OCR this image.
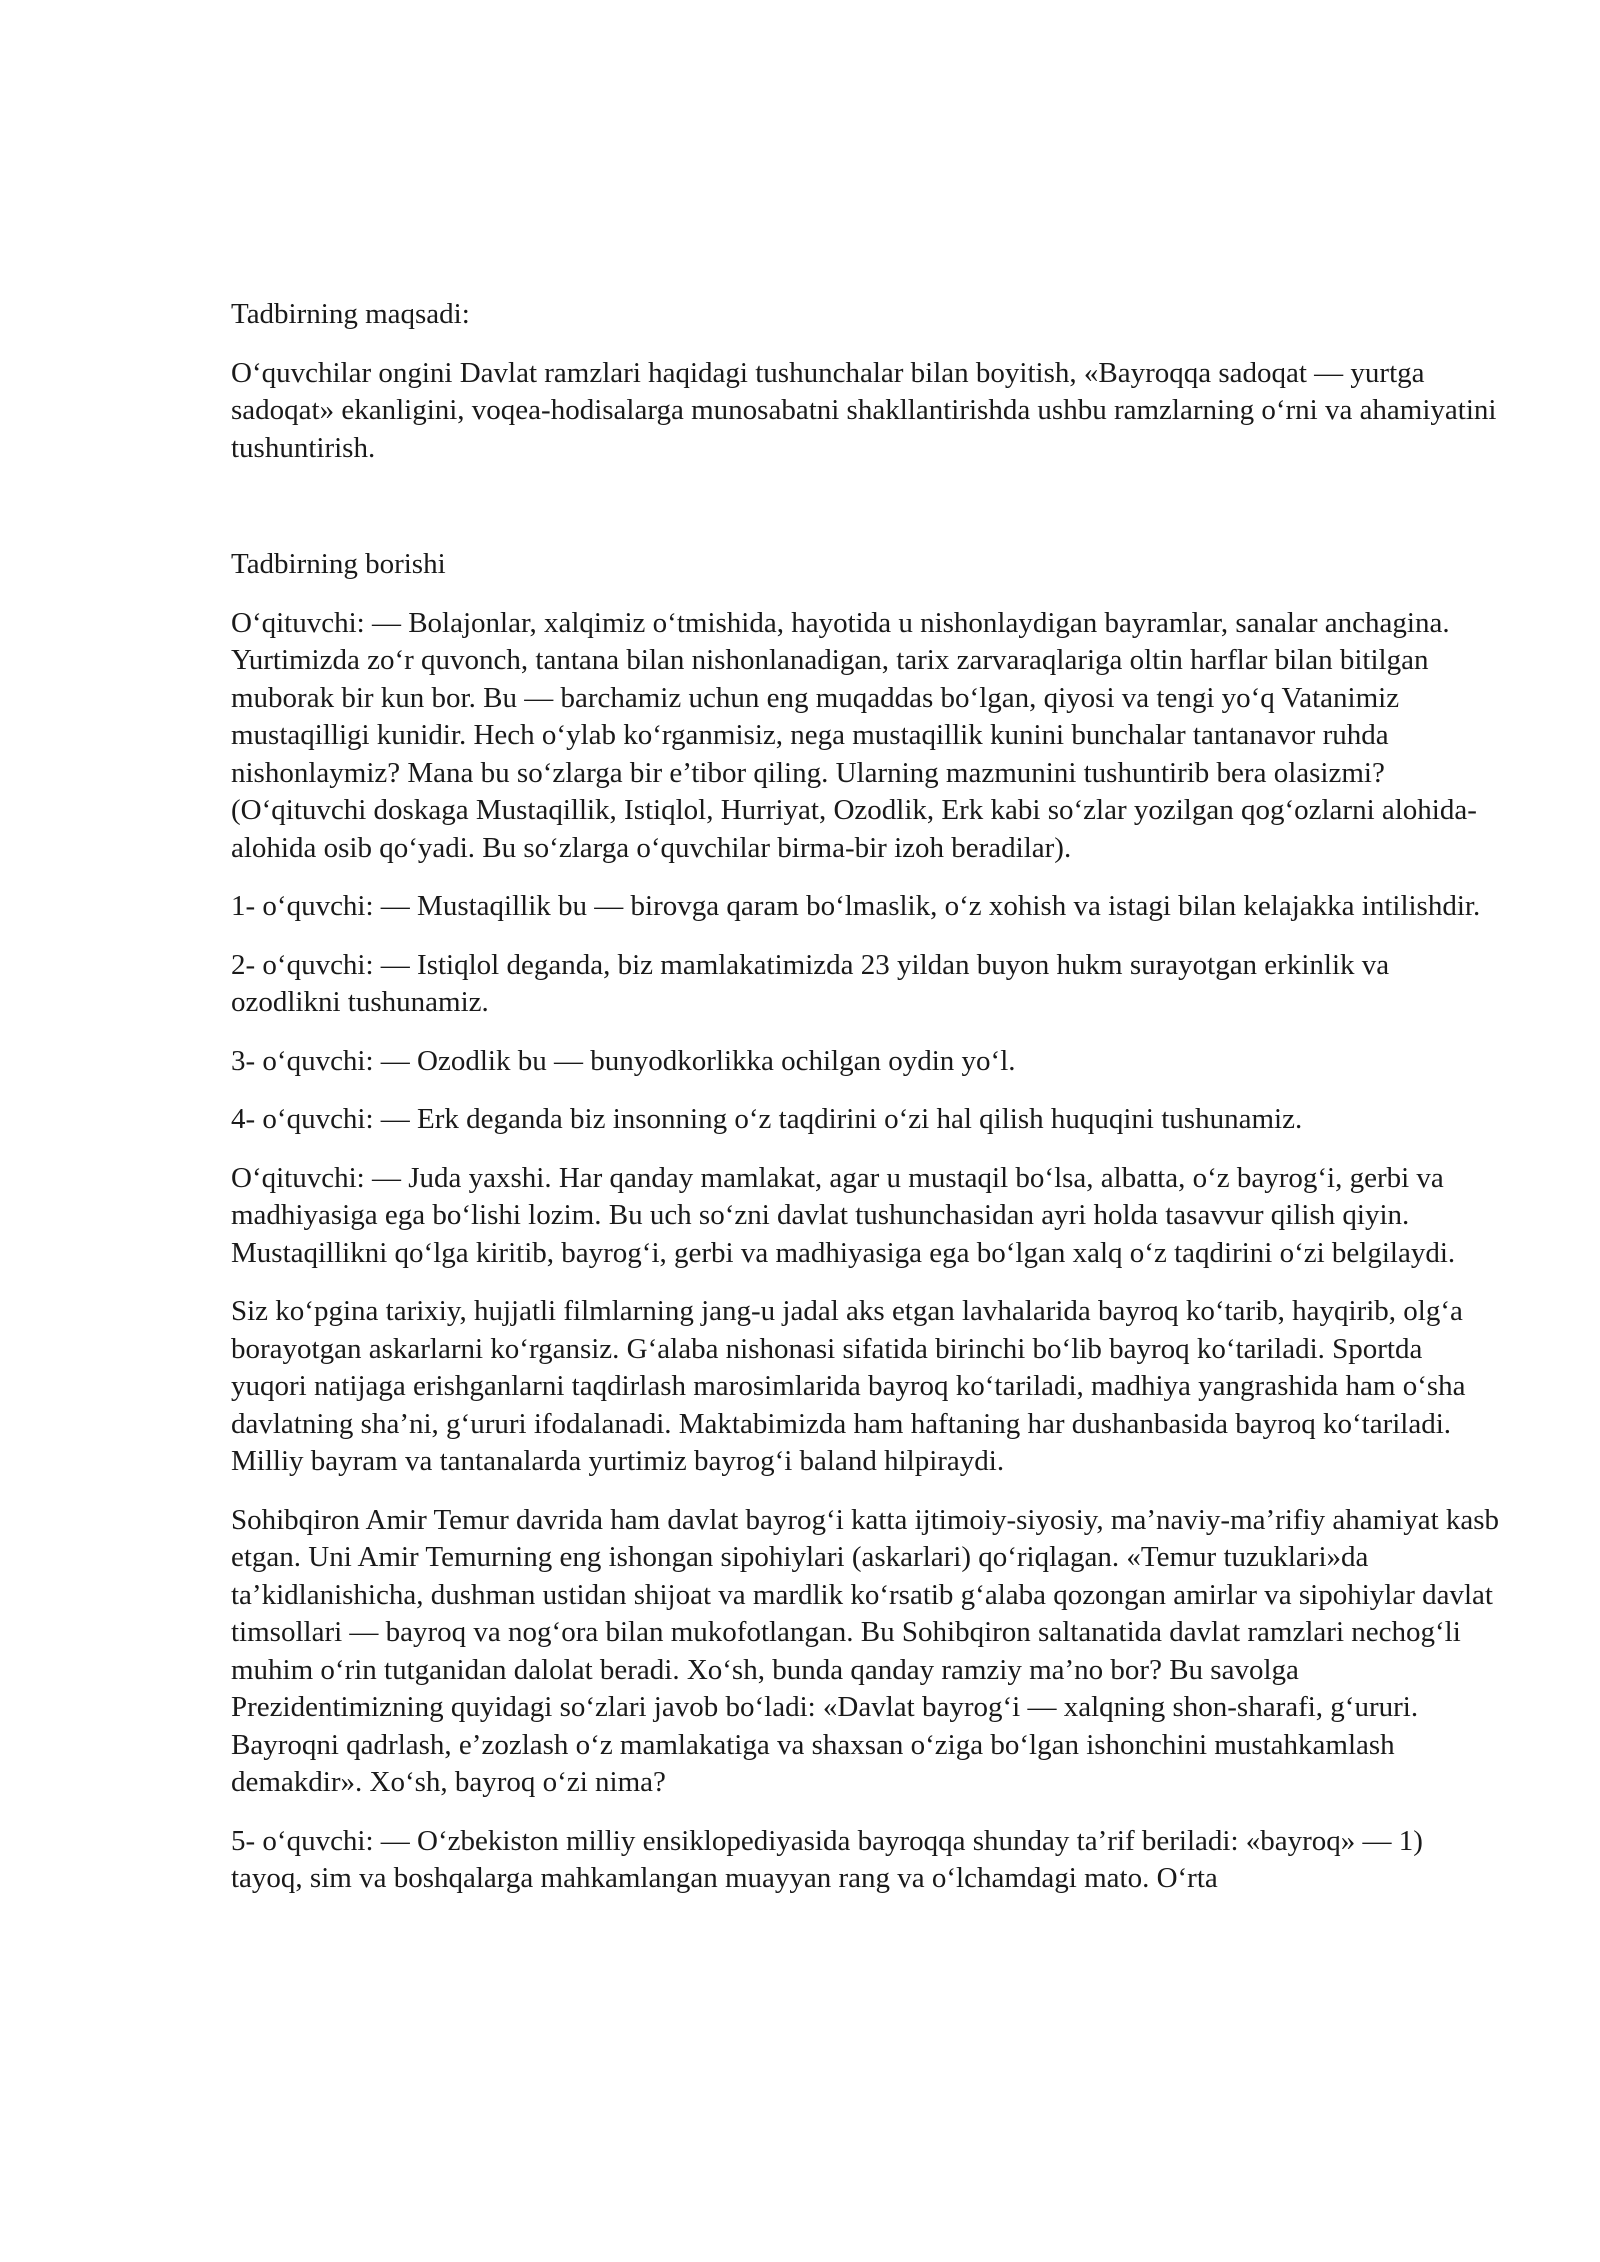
Tadbirning maqsadi:

O‘quvchilar ongini Davlat ramzlari haqidagi tushunchalar bilan boyitish, «Bayroqqa sadoqat — yurtga sadoqat» ekanligini, voqea-hodisalarga munosabatni shakllantirishda ushbu ramzlarning o‘rni va ahamiyatini tushuntirish.

Tadbirning borishi

O‘qituvchi: — Bolajonlar, xalqimiz o‘tmishida, hayotida u nishonlaydigan bayramlar, sanalar anchagina. Yurtimizda zo‘r quvonch, tantana bilan nishonlanadigan, tarix zarvaraqlariga oltin harflar bilan bitilgan muborak bir kun bor. Bu — barchamiz uchun eng muqaddas bo‘lgan, qiyosi va tengi yo‘q Vatanimiz mustaqilligi kunidir. Hech o‘ylab ko‘rganmisiz, nega mustaqillik kunini bunchalar tantanavor ruhda nishonlaymiz? Mana bu so‘zlarga bir e’tibor qiling. Ularning mazmunini tushuntirib bera olasizmi? (O‘qituvchi doskaga Mustaqillik, Istiqlol, Hurriyat, Ozodlik, Erk kabi so‘zlar yozilgan qog‘ozlarni alohida-alohida osib qo‘yadi. Bu so‘zlarga o‘quvchilar birma-bir izoh beradilar).

1- o‘quvchi: — Mustaqillik bu — birovga qaram bo‘lmaslik, o‘z xohish va istagi bilan kelajakka intilishdir.

2- o‘quvchi: — Istiqlol deganda, biz mamlakatimizda 23 yildan buyon hukm surayotgan erkinlik va ozodlikni tushunamiz.

3- o‘quvchi: — Ozodlik bu — bunyodkorlikka ochilgan oydin yo‘l.

4- o‘quvchi: — Erk deganda biz insonning o‘z taqdirini o‘zi hal qilish huquqini tushunamiz.

O‘qituvchi: — Juda yaxshi. Har qanday mamlakat, agar u mustaqil bo‘lsa, albatta, o‘z bayrog‘i, gerbi va madhiyasiga ega bo‘lishi lozim. Bu uch so‘zni davlat tushunchasidan ayri holda tasavvur qilish qiyin. Mustaqillikni qo‘lga kiritib, bayrog‘i, gerbi va madhiyasiga ega bo‘lgan xalq o‘z taqdirini o‘zi belgilaydi.

Siz ko‘pgina tarixiy, hujjatli filmlarning jang-u jadal aks etgan lavhalarida bayroq ko‘tarib, hayqirib, olg‘a borayotgan askarlarni ko‘rgansiz. G‘alaba nishonasi sifatida birinchi bo‘lib bayroq ko‘tariladi. Sportda yuqori natijaga erishganlarni taqdirlash marosimlarida bayroq ko‘tariladi, madhiya yangrashida ham o‘sha davlatning sha’ni, g‘ururi ifodalanadi. Maktabimizda ham haftaning har dushanbasida bayroq ko‘tariladi. Milliy bayram va tantanalarda yurtimiz bayrog‘i baland hilpiraydi.

Sohibqiron Amir Temur davrida ham davlat bayrog‘i katta ijtimoiy-siyosiy, ma’naviy-ma’rifiy ahamiyat kasb etgan. Uni Amir Temurning eng ishongan sipohiylari (askarlari) qo‘riqlagan. «Temur tuzuklari»da ta’kidlanishicha, dushman ustidan shijoat va mardlik ko‘rsatib g‘alaba qozongan amirlar va sipohiylar davlat timsollari — bayroq va nog‘ora bilan mukofotlangan. Bu Sohibqiron saltanatida davlat ramzlari nechog‘li muhim o‘rin tutganidan dalolat beradi. Xo‘sh, bunda qanday ramziy ma’no bor? Bu savolga Prezidentimizning quyidagi so‘zlari javob bo‘ladi: «Davlat bayrog‘i — xalqning shon-sharafi, g‘ururi. Bayroqni qadrlash, e’zozlash o‘z mamlakatiga va shaxsan o‘ziga bo‘lgan ishonchini mustahkamlash demakdir». Xo‘sh, bayroq o‘zi nima?

5- o‘quvchi: — O‘zbekiston milliy ensiklopediyasida bayroqqa shunday ta’rif beriladi: «bayroq» — 1) tayoq, sim va boshqalarga mahkamlangan muayyan rang va o‘lchamdagi mato. O‘rta
